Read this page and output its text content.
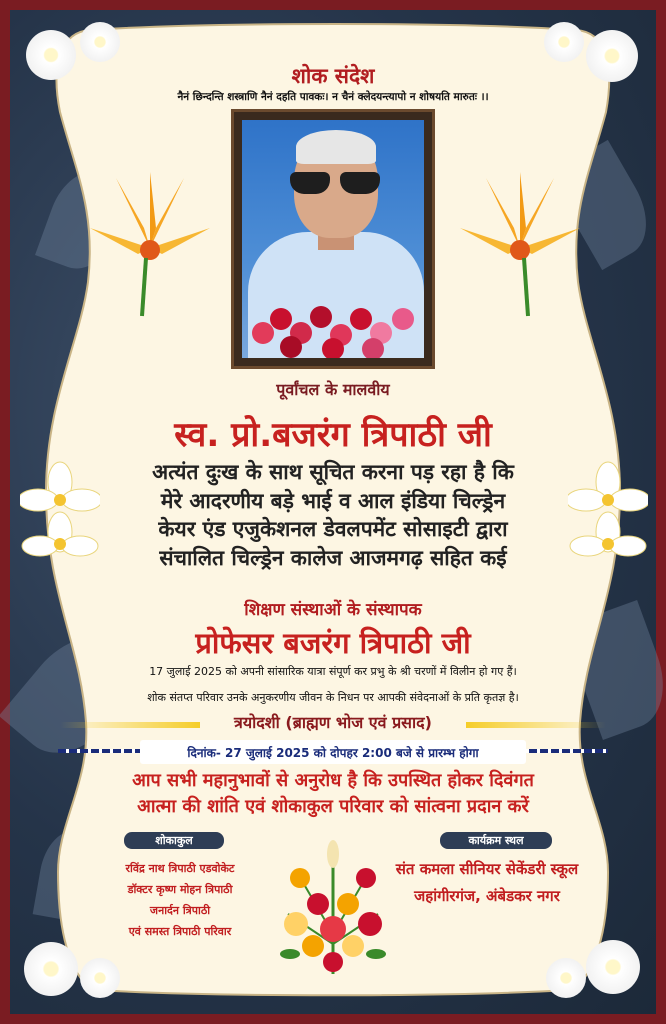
शोक संदेश
नैनं छिन्दन्ति शस्त्राणि नैनं दहति पावकः। न चैनं क्लेदयन्त्यापो न शोषयति मारुतः ।।
पूर्वांचल के मालवीय
स्व. प्रो.बजरंग त्रिपाठी जी
अत्यंत दुःख के साथ सूचित करना पड़ रहा है कि
मेरे आदरणीय बड़े भाई व आल इंडिया चिल्ड्रेन
केयर एंड एजुकेशनल डेवलपमेंट सोसाइटी द्वारा
संचालित चिल्ड्रेन कालेज आजमगढ़ सहित कई
शिक्षण संस्थाओं के संस्थापक
प्रोफेसर बजरंग त्रिपाठी जी
17 जुलाई 2025 को अपनी सांसारिक यात्रा संपूर्ण कर प्रभु के श्री चरणों में विलीन हो गए हैं।
शोक संतप्त परिवार उनके अनुकरणीय जीवन के निधन पर आपकी संवेदनाओं के प्रति कृतज्ञ है।
त्रयोदशी (ब्राह्मण भोज एवं प्रसाद)
दिनांक- 27 जुलाई 2025 को दोपहर 2:00 बजे से प्रारम्भ होगा
आप सभी महानुभावों से अनुरोध है कि उपस्थित होकर दिवंगत
आत्मा की शांति एवं शोकाकुल परिवार को सांत्वना प्रदान करें
शोकाकुल
रविंद्र नाथ त्रिपाठी एडवोकेट
डॉक्टर कृष्ण मोहन त्रिपाठी
जनार्दन त्रिपाठी
एवं समस्त त्रिपाठी परिवार
कार्यक्रम स्थल
संत कमला सीनियर सेकेंडरी स्कूल
जहांगीरगंज, अंबेडकर नगर
